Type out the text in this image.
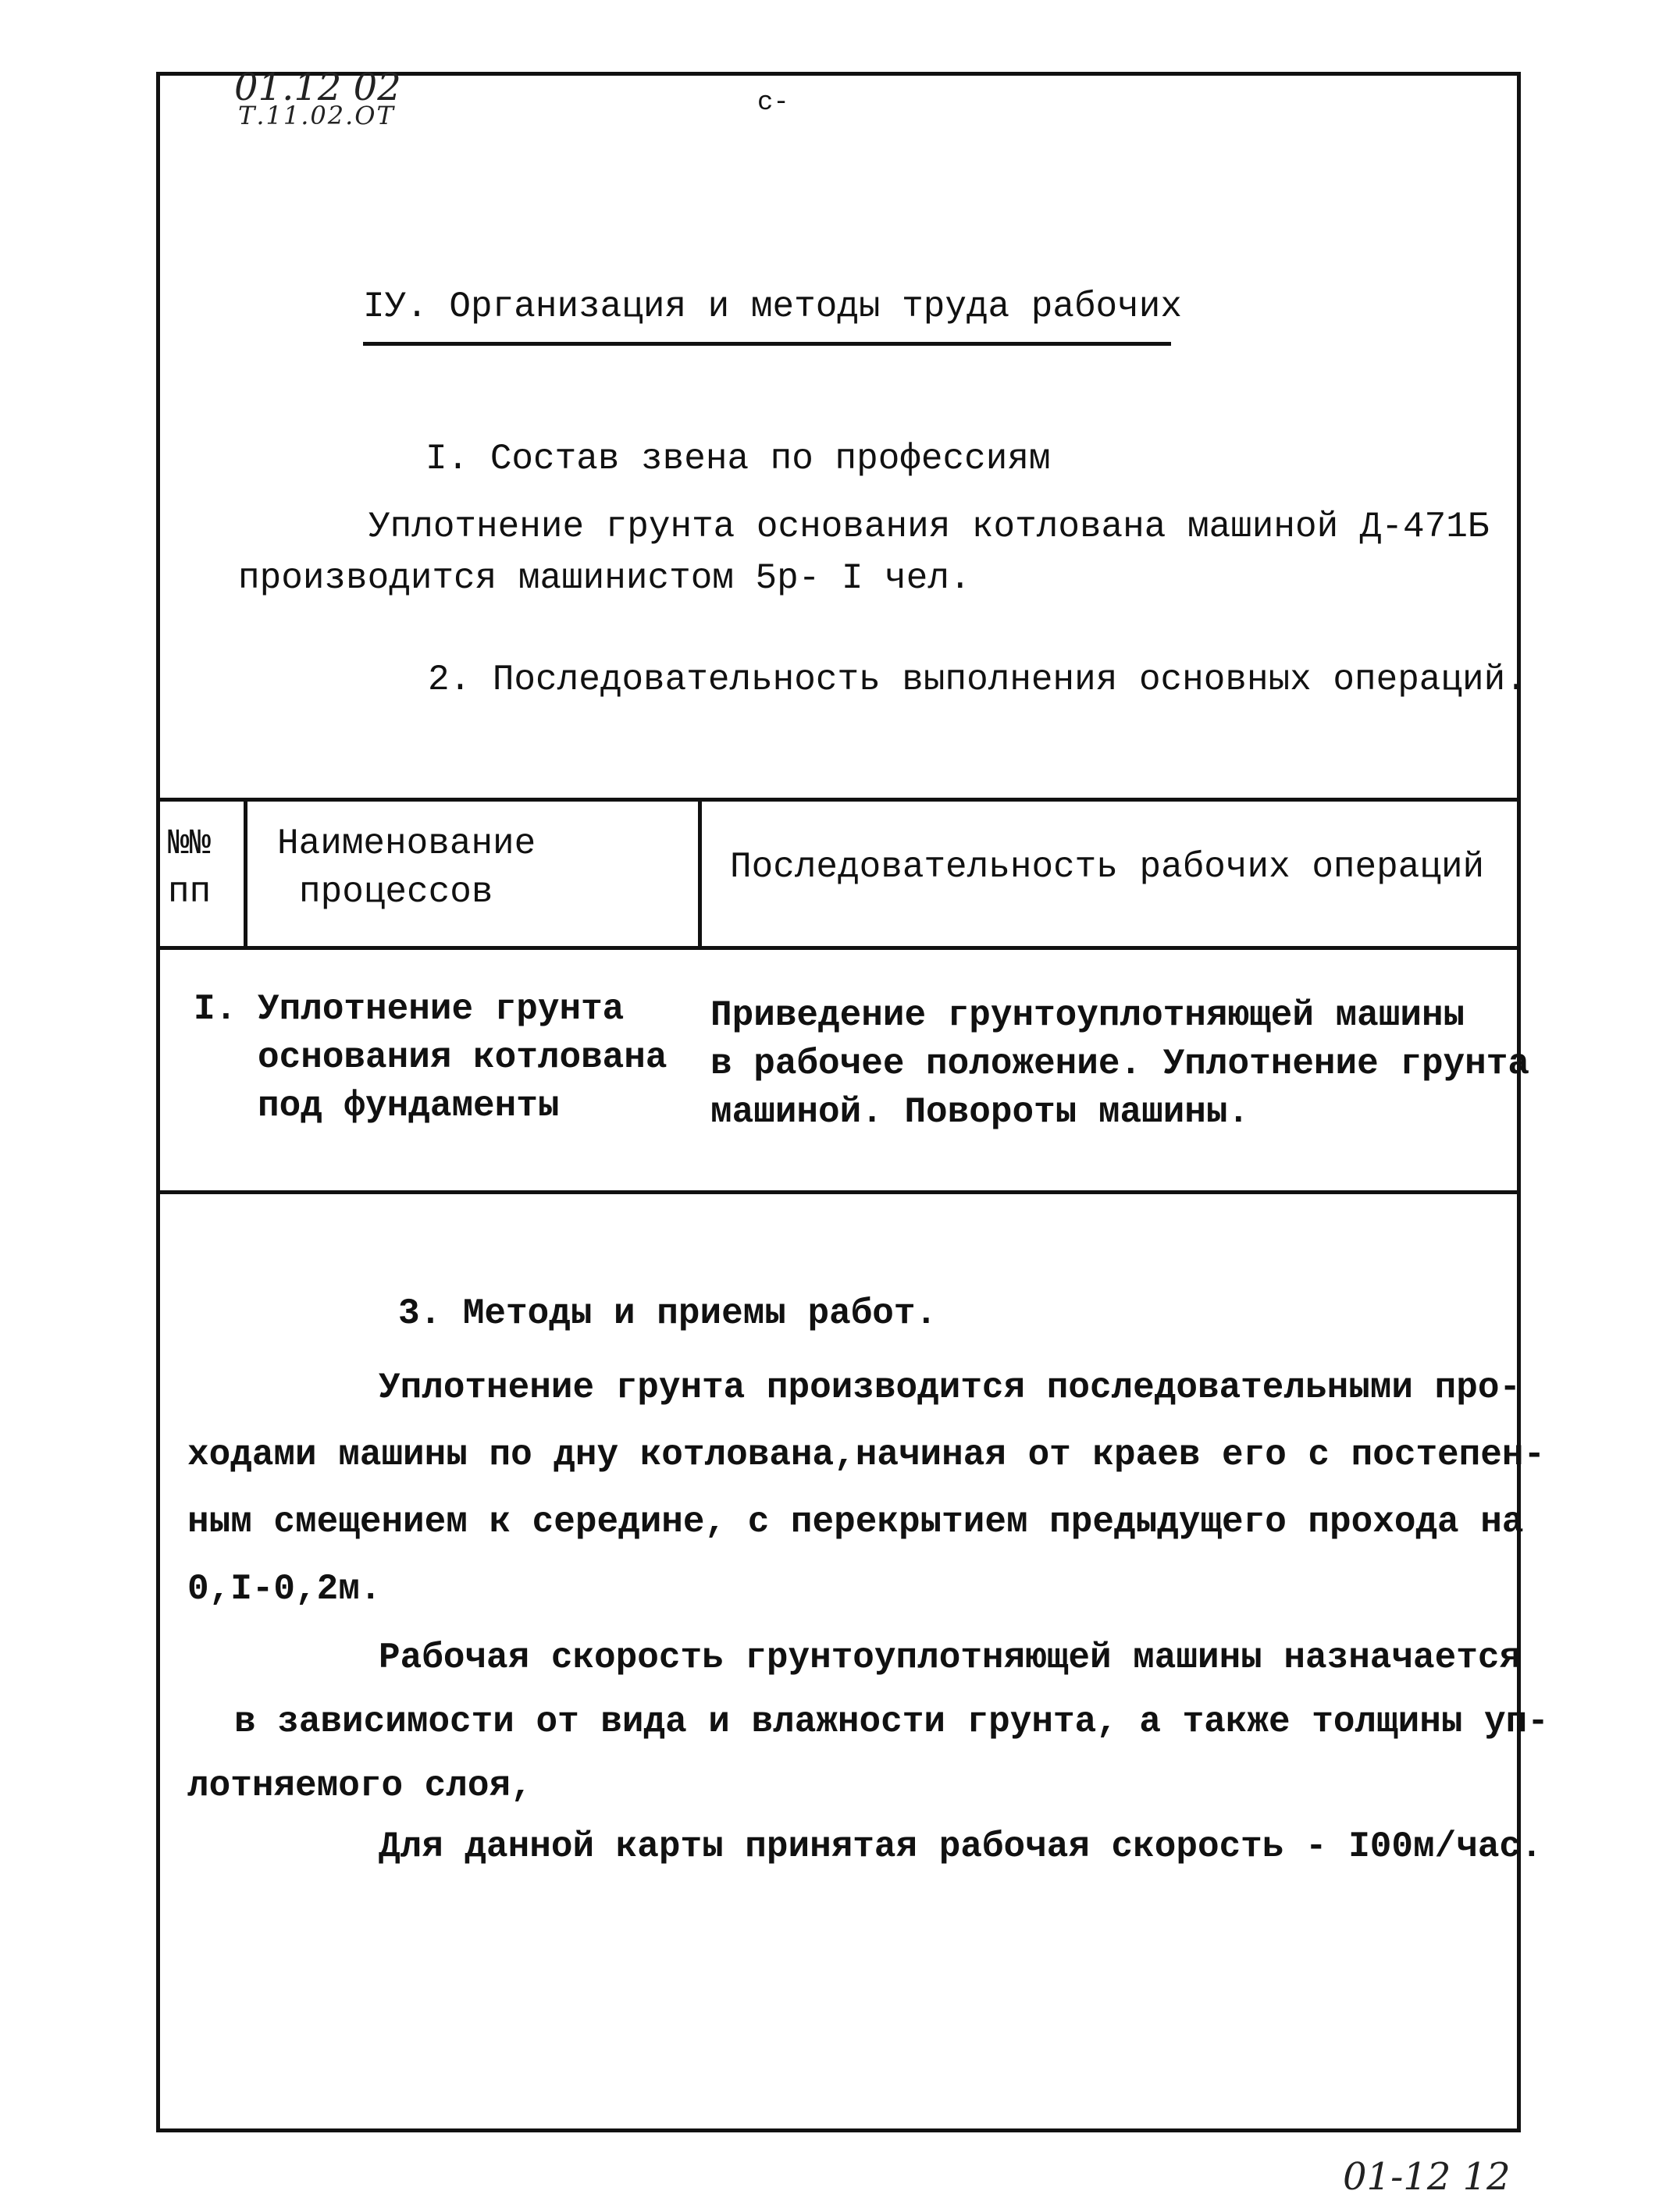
01.12 02
Т.11.02.ОТ	с-
IУ. Организация и методы труда рабочих
I. Состав звена по профессиям
Уплотнение грунта основания котлована машиной Д-471Б
производится машинистом 5р- I чел.
2. Последовательность выполнения основных операций.
№№
пп
Наименование
процессов
Последовательность рабочих операций
I. Уплотнение грунта
основания котлована
под фундаменты
Приведение грунтоуплотняющей машины
в рабочее положение. Уплотнение грунта
машиной. Повороты машины.
3. Методы и приемы работ.
Уплотнение грунта производится последовательными про-
ходами машины по дну котлована,начиная от краев его с постепен-
ным смещением к середине, с перекрытием предыдущего прохода на
0,I-0,2м.
Рабочая скорость грунтоуплотняющей машины назначается
в зависимости от вида и влажности грунта, а также толщины уп-
лотняемого слоя,
Для данной карты принятая рабочая скорость - I00м/час.
01-12 12
